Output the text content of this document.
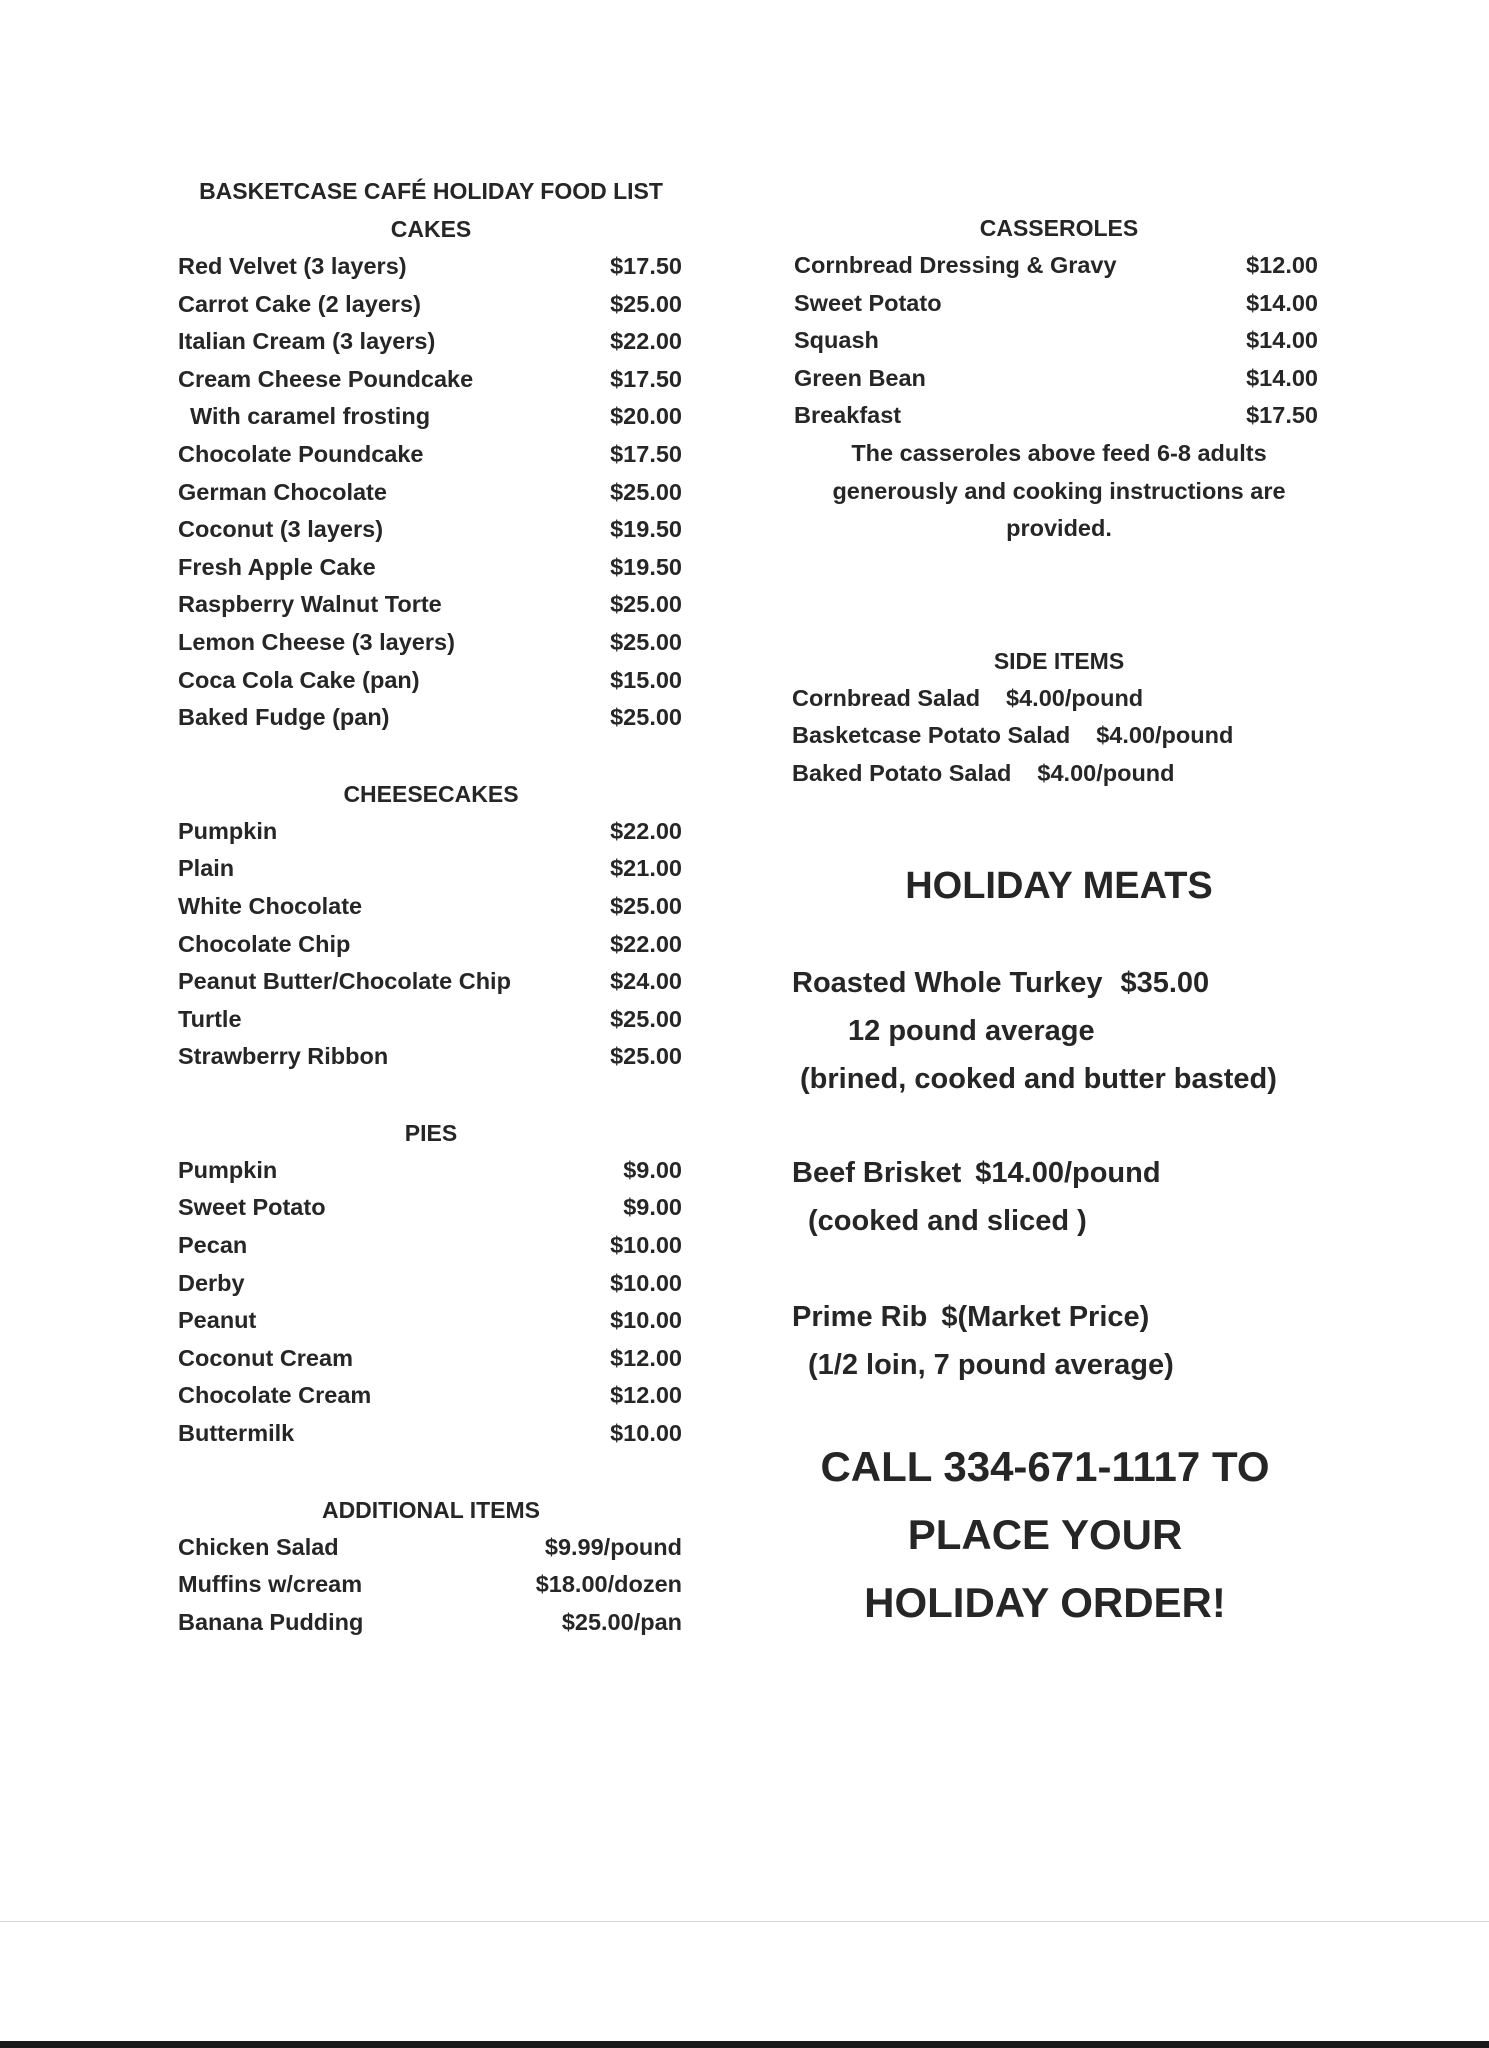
BASKETCASE CAFÉ HOLIDAY FOOD LIST
CAKES
Red Velvet (3 layers)	$17.50
Carrot Cake (2 layers)	$25.00
Italian Cream (3 layers)	$22.00
Cream Cheese Poundcake	$17.50
With caramel frosting	$20.00
Chocolate Poundcake	$17.50
German Chocolate	$25.00
Coconut (3 layers)	$19.50
Fresh Apple Cake	$19.50
Raspberry Walnut Torte	$25.00
Lemon Cheese (3 layers)	$25.00
Coca Cola Cake (pan)	$15.00
Baked Fudge (pan)	$25.00
CHEESECAKES
Pumpkin	$22.00
Plain	$21.00
White Chocolate	$25.00
Chocolate Chip	$22.00
Peanut Butter/Chocolate Chip	$24.00
Turtle	$25.00
Strawberry Ribbon	$25.00
PIES
Pumpkin	$9.00
Sweet Potato	$9.00
Pecan	$10.00
Derby	$10.00
Peanut	$10.00
Coconut Cream	$12.00
Chocolate Cream	$12.00
Buttermilk	$10.00
ADDITIONAL ITEMS
Chicken Salad	$9.99/pound
Muffins w/cream	$18.00/dozen
Banana Pudding	$25.00/pan
CASSEROLES
Cornbread Dressing & Gravy	$12.00
Sweet Potato	$14.00
Squash	$14.00
Green Bean	$14.00
Breakfast	$17.50
The casseroles above feed 6-8 adults generously and cooking instructions are provided.
SIDE ITEMS
Cornbread Salad $4.00/pound
Basketcase Potato Salad $4.00/pound
Baked Potato Salad $4.00/pound
HOLIDAY MEATS
Roasted Whole Turkey $35.00
12 pound average
(brined, cooked and butter basted)
Beef Brisket $14.00/pound
(cooked and sliced )
Prime Rib $(Market Price)
(1/2 loin, 7 pound average)
CALL 334-671-1117 TO PLACE YOUR HOLIDAY ORDER!
